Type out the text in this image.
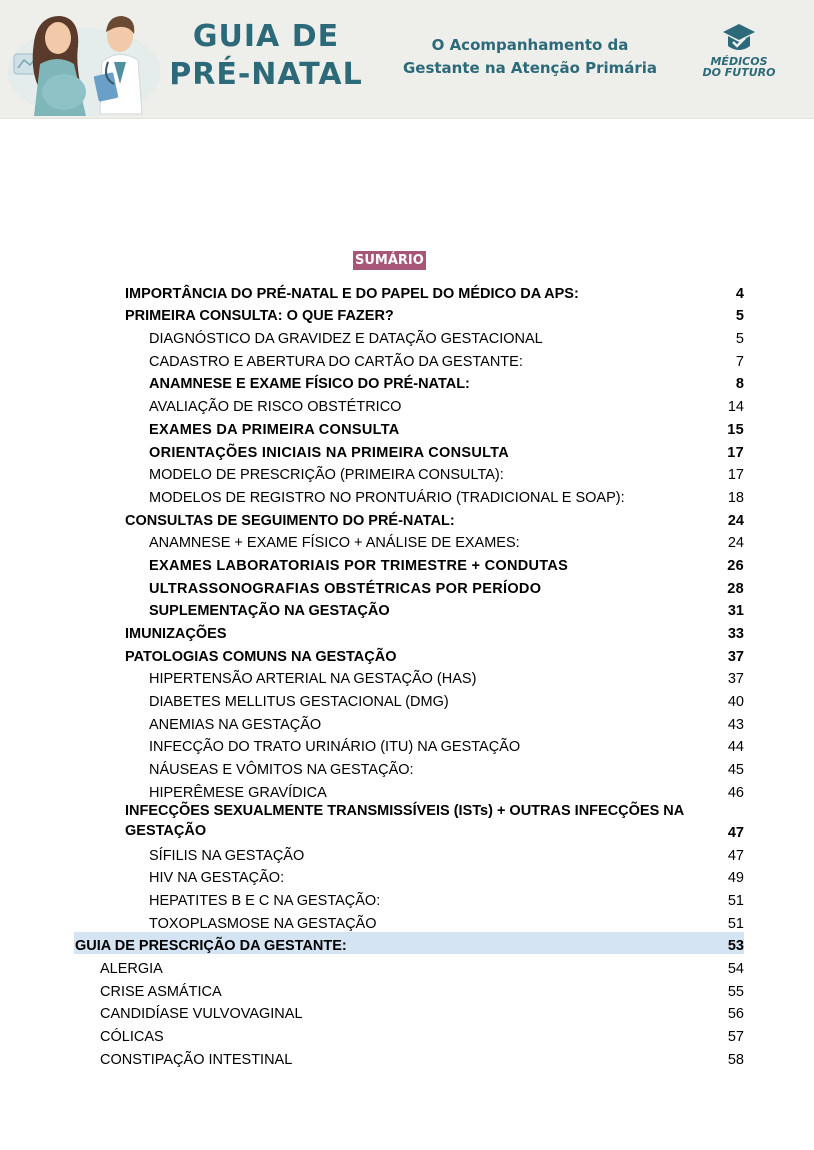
GUIA DE
PRÉ-NATAL
O Acompanhamento da
Gestante na Atenção Primária	MÉDICOS
DO FUTURO
SUMÁRIO
IMPORTÂNCIA DO PRÉ-NATAL E DO PAPEL DO MÉDICO DA APS:	4
PRIMEIRA CONSULTA: O QUE FAZER?	5
DIAGNÓSTICO DA GRAVIDEZ E DATAÇÃO GESTACIONAL	5
CADASTRO E ABERTURA DO CARTÃO DA GESTANTE:	7
ANAMNESE E EXAME FÍSICO DO PRÉ-NATAL:	8
AVALIAÇÃO DE RISCO OBSTÉTRICO	14
EXAMES DA PRIMEIRA CONSULTA	15
ORIENTAÇÕES INICIAIS NA PRIMEIRA CONSULTA	17
MODELO DE PRESCRIÇÃO (PRIMEIRA CONSULTA):	17
MODELOS DE REGISTRO NO PRONTUÁRIO (TRADICIONAL E SOAP):	18
CONSULTAS DE SEGUIMENTO DO PRÉ-NATAL:	24
ANAMNESE + EXAME FÍSICO + ANÁLISE DE EXAMES:	24
EXAMES LABORATORIAIS POR TRIMESTRE + CONDUTAS	26
ULTRASSONOGRAFIAS OBSTÉTRICAS POR PERÍODO	28
SUPLEMENTAÇÃO NA GESTAÇÃO	31
IMUNIZAÇÕES	33
PATOLOGIAS COMUNS NA GESTAÇÃO	37
HIPERTENSÃO ARTERIAL NA GESTAÇÃO (HAS)	37
DIABETES MELLITUS GESTACIONAL (DMG)	40
ANEMIAS NA GESTAÇÃO	43
INFECÇÃO DO TRATO URINÁRIO (ITU) NA GESTAÇÃO	44
NÁUSEAS E VÔMITOS NA GESTAÇÃO:	45
HIPERÊMESE GRAVÍDICA	46
INFECÇÕES SEXUALMENTE TRANSMISSÍVEIS (ISTs) + OUTRAS INFECÇÕES NA GESTAÇÃO	47
SÍFILIS NA GESTAÇÃO	47
HIV NA GESTAÇÃO:	49
HEPATITES B E C NA GESTAÇÃO:	51
TOXOPLASMOSE NA GESTAÇÃO	51
GUIA DE PRESCRIÇÃO DA GESTANTE:	53
ALERGIA	54
CRISE ASMÁTICA	55
CANDIDÍASE VULVOVAGINAL	56
CÓLICAS	57
CONSTIPAÇÃO INTESTINAL	58
